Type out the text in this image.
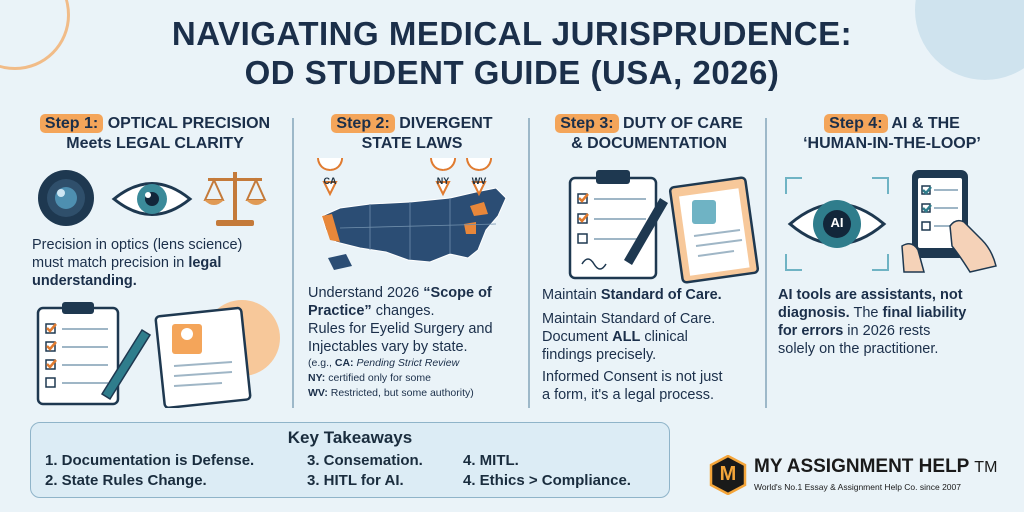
NAVIGATING MEDICAL JURISPRUDENCE:
OD STUDENT GUIDE (USA, 2026)
Step 1: OPTICAL PRECISION
Meets LEGAL CLARITY
Precision in optics (lens science)
must match precision in legal
understanding.
Step 2: DIVERGENT
STATE LAWS
CA	NY	WV
Understand 2026 “Scope of
Practice” changes.
Rules for Eyelid Surgery and
Injectables vary by state.
(e.g., CA: Pending Strict Review
NY: certified only for some
WV: Restricted, but some authority)
Step 3: DUTY OF CARE
& DOCUMENTATION
Maintain Standard of Care.
Maintain Standard of Care.
Document ALL clinical
findings precisely.
Informed Consent is not just
a form, it's a legal process.
Step 4: AI & THE
‘HUMAN-IN-THE-LOOP’
AI
AI tools are assistants, not
diagnosis. The final liability
for errors in 2026 rests
solely on the practitioner.
Key Takeaways
1. Documentation is Defense.
2. State Rules Change.
3. Consemation.
3. HITL for AI.
4. MITL.
4. Ethics > Compliance.	M MY ASSIGNMENT HELP TM
World's No.1 Essay & Assignment Help Co. since 2007
